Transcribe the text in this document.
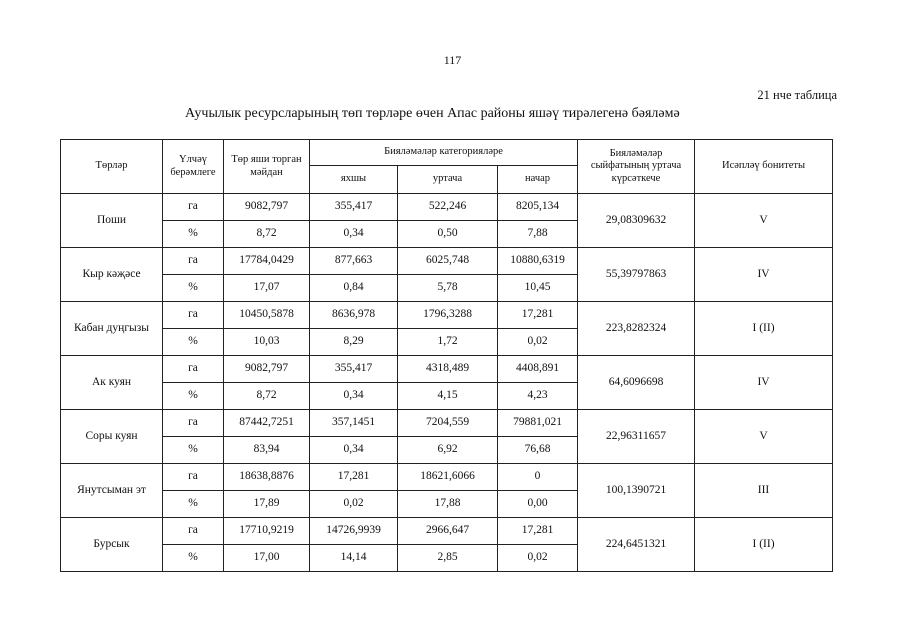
117
21 нче таблица
Аучылык ресурсларының төп төрләре өчен Апас районы яшәү тирәлегенә бәяләмә
Төрләр	Үлчәү берәмлеге	Төр яши торган мәйдан	Бияләмәләр категорияләре			Бияләмәләр сыйфатының уртача күрсәткече	Исәпләү бонитеты
			яхшы	уртача	начар		
Поши	га	9082,797	355,417	522,246	8205,134	29,08309632	V
	%	8,72	0,34	0,50	7,88		
Кыр кәҗәсе	га	17784,0429	877,663	6025,748	10880,6319	55,39797863	IV
	%	17,07	0,84	5,78	10,45		
Кабан дуңгызы	га	10450,5878	8636,978	1796,3288	17,281	223,8282324	I (II)
	%	10,03	8,29	1,72	0,02		
Ак куян	га	9082,797	355,417	4318,489	4408,891	64,6096698	IV
	%	8,72	0,34	4,15	4,23		
Соры куян	га	87442,7251	357,1451	7204,559	79881,021	22,96311657	V
	%	83,94	0,34	6,92	76,68		
Янутсыман эт	га	18638,8876	17,281	18621,6066	0	100,1390721	III
	%	17,89	0,02	17,88	0,00		
Бурсык	га	17710,9219	14726,9939	2966,647	17,281	224,6451321	I (II)
	%	17,00	14,14	2,85	0,02		
